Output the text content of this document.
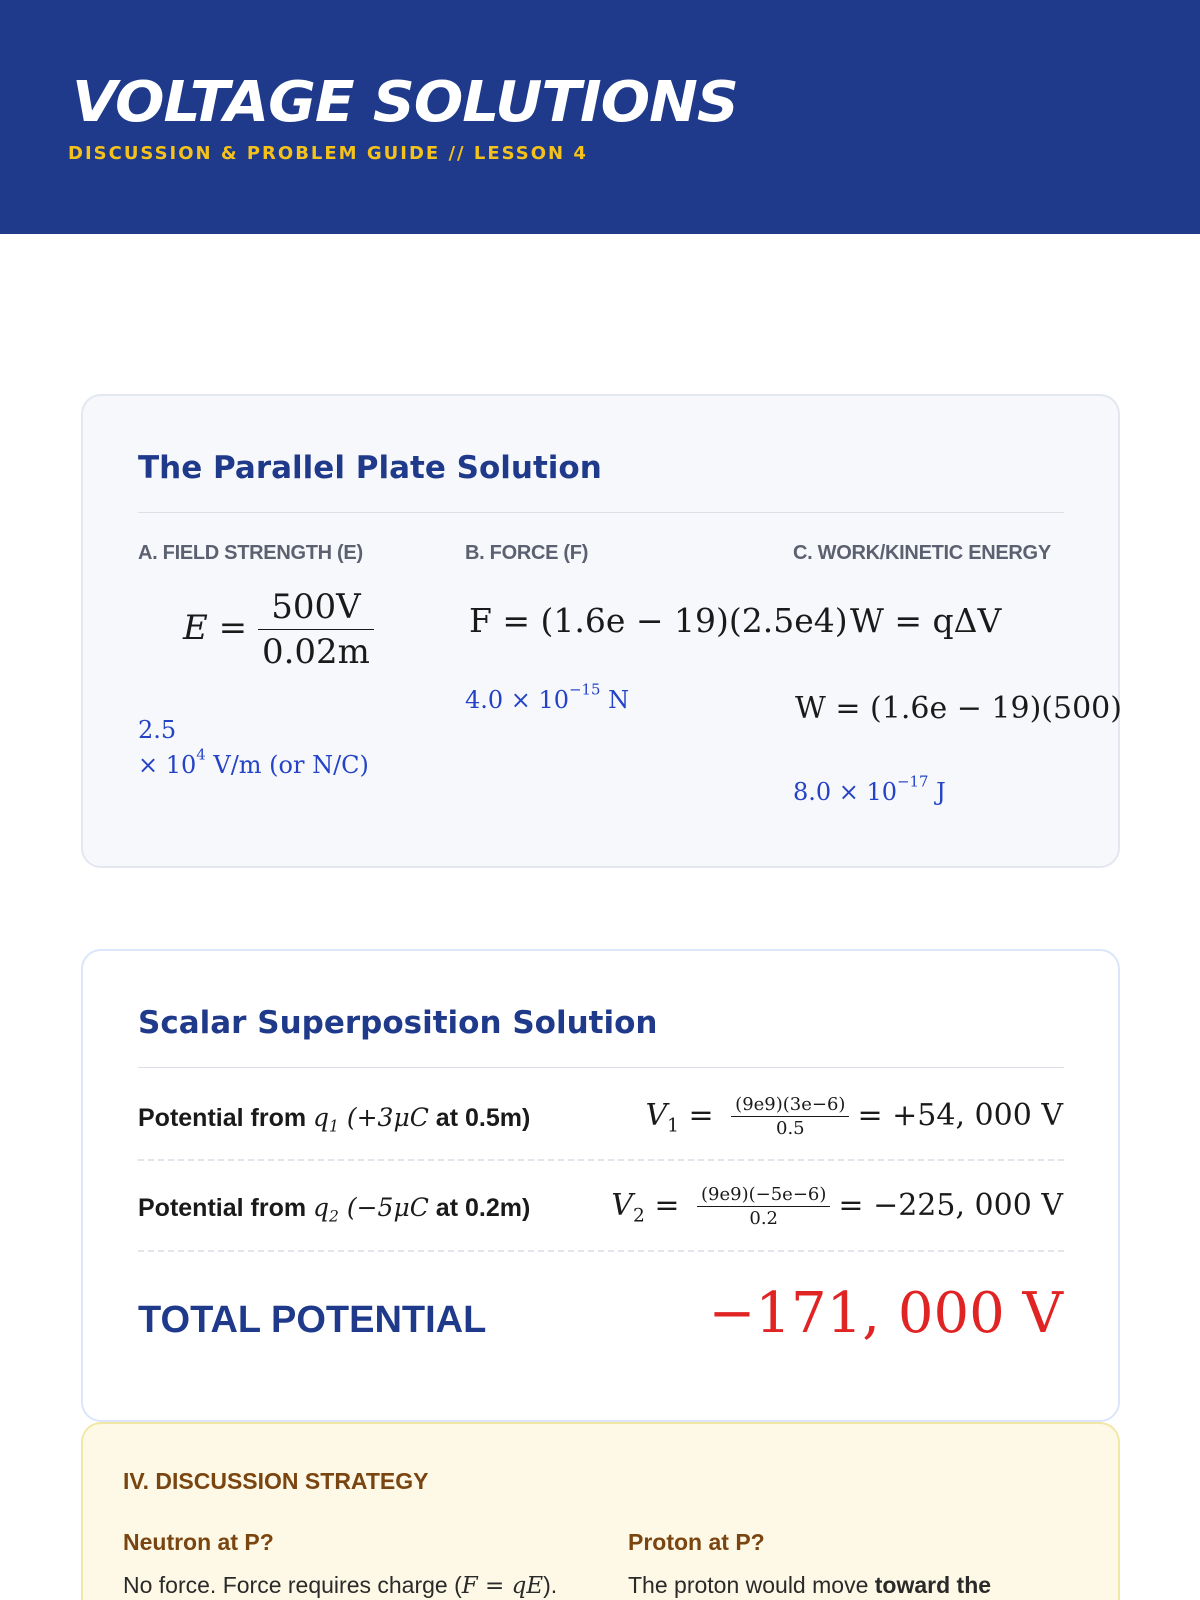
VOLTAGE SOLUTIONS
DISCUSSION & PROBLEM GUIDE // LESSON 4
The Parallel Plate Solution
A. FIELD STRENGTH (E)
$E = \frac{500V}{0.02m}$
2.5
× $10^4$ V/m (or N/C)
B. FORCE (F)
F = (1.6e − 19)(2.5e4)
$4.0 \times 10^{-15}$ N
C. WORK/KINETIC ENERGY
W = qΔV
W = (1.6e − 19)(500)
$8.0 \times 10^{-17}$ J
Scalar Superposition Solution
Potential from $q_1$ (+3μC at 0.5m)	$V_1 = \frac{(9e9)(3e-6)}{0.5} = +54$, 000 V
Potential from $q_2$ (−5μC at 0.2m)	$V_2 = \frac{(9e9)(-5e-6)}{0.2} = -225$, 000 V
TOTAL POTENTIAL	−171, 000 V
IV. DISCUSSION STRATEGY
Neutron at P?
No force. Force requires charge (F = qE).
Proton at P?
The proton would move toward the
